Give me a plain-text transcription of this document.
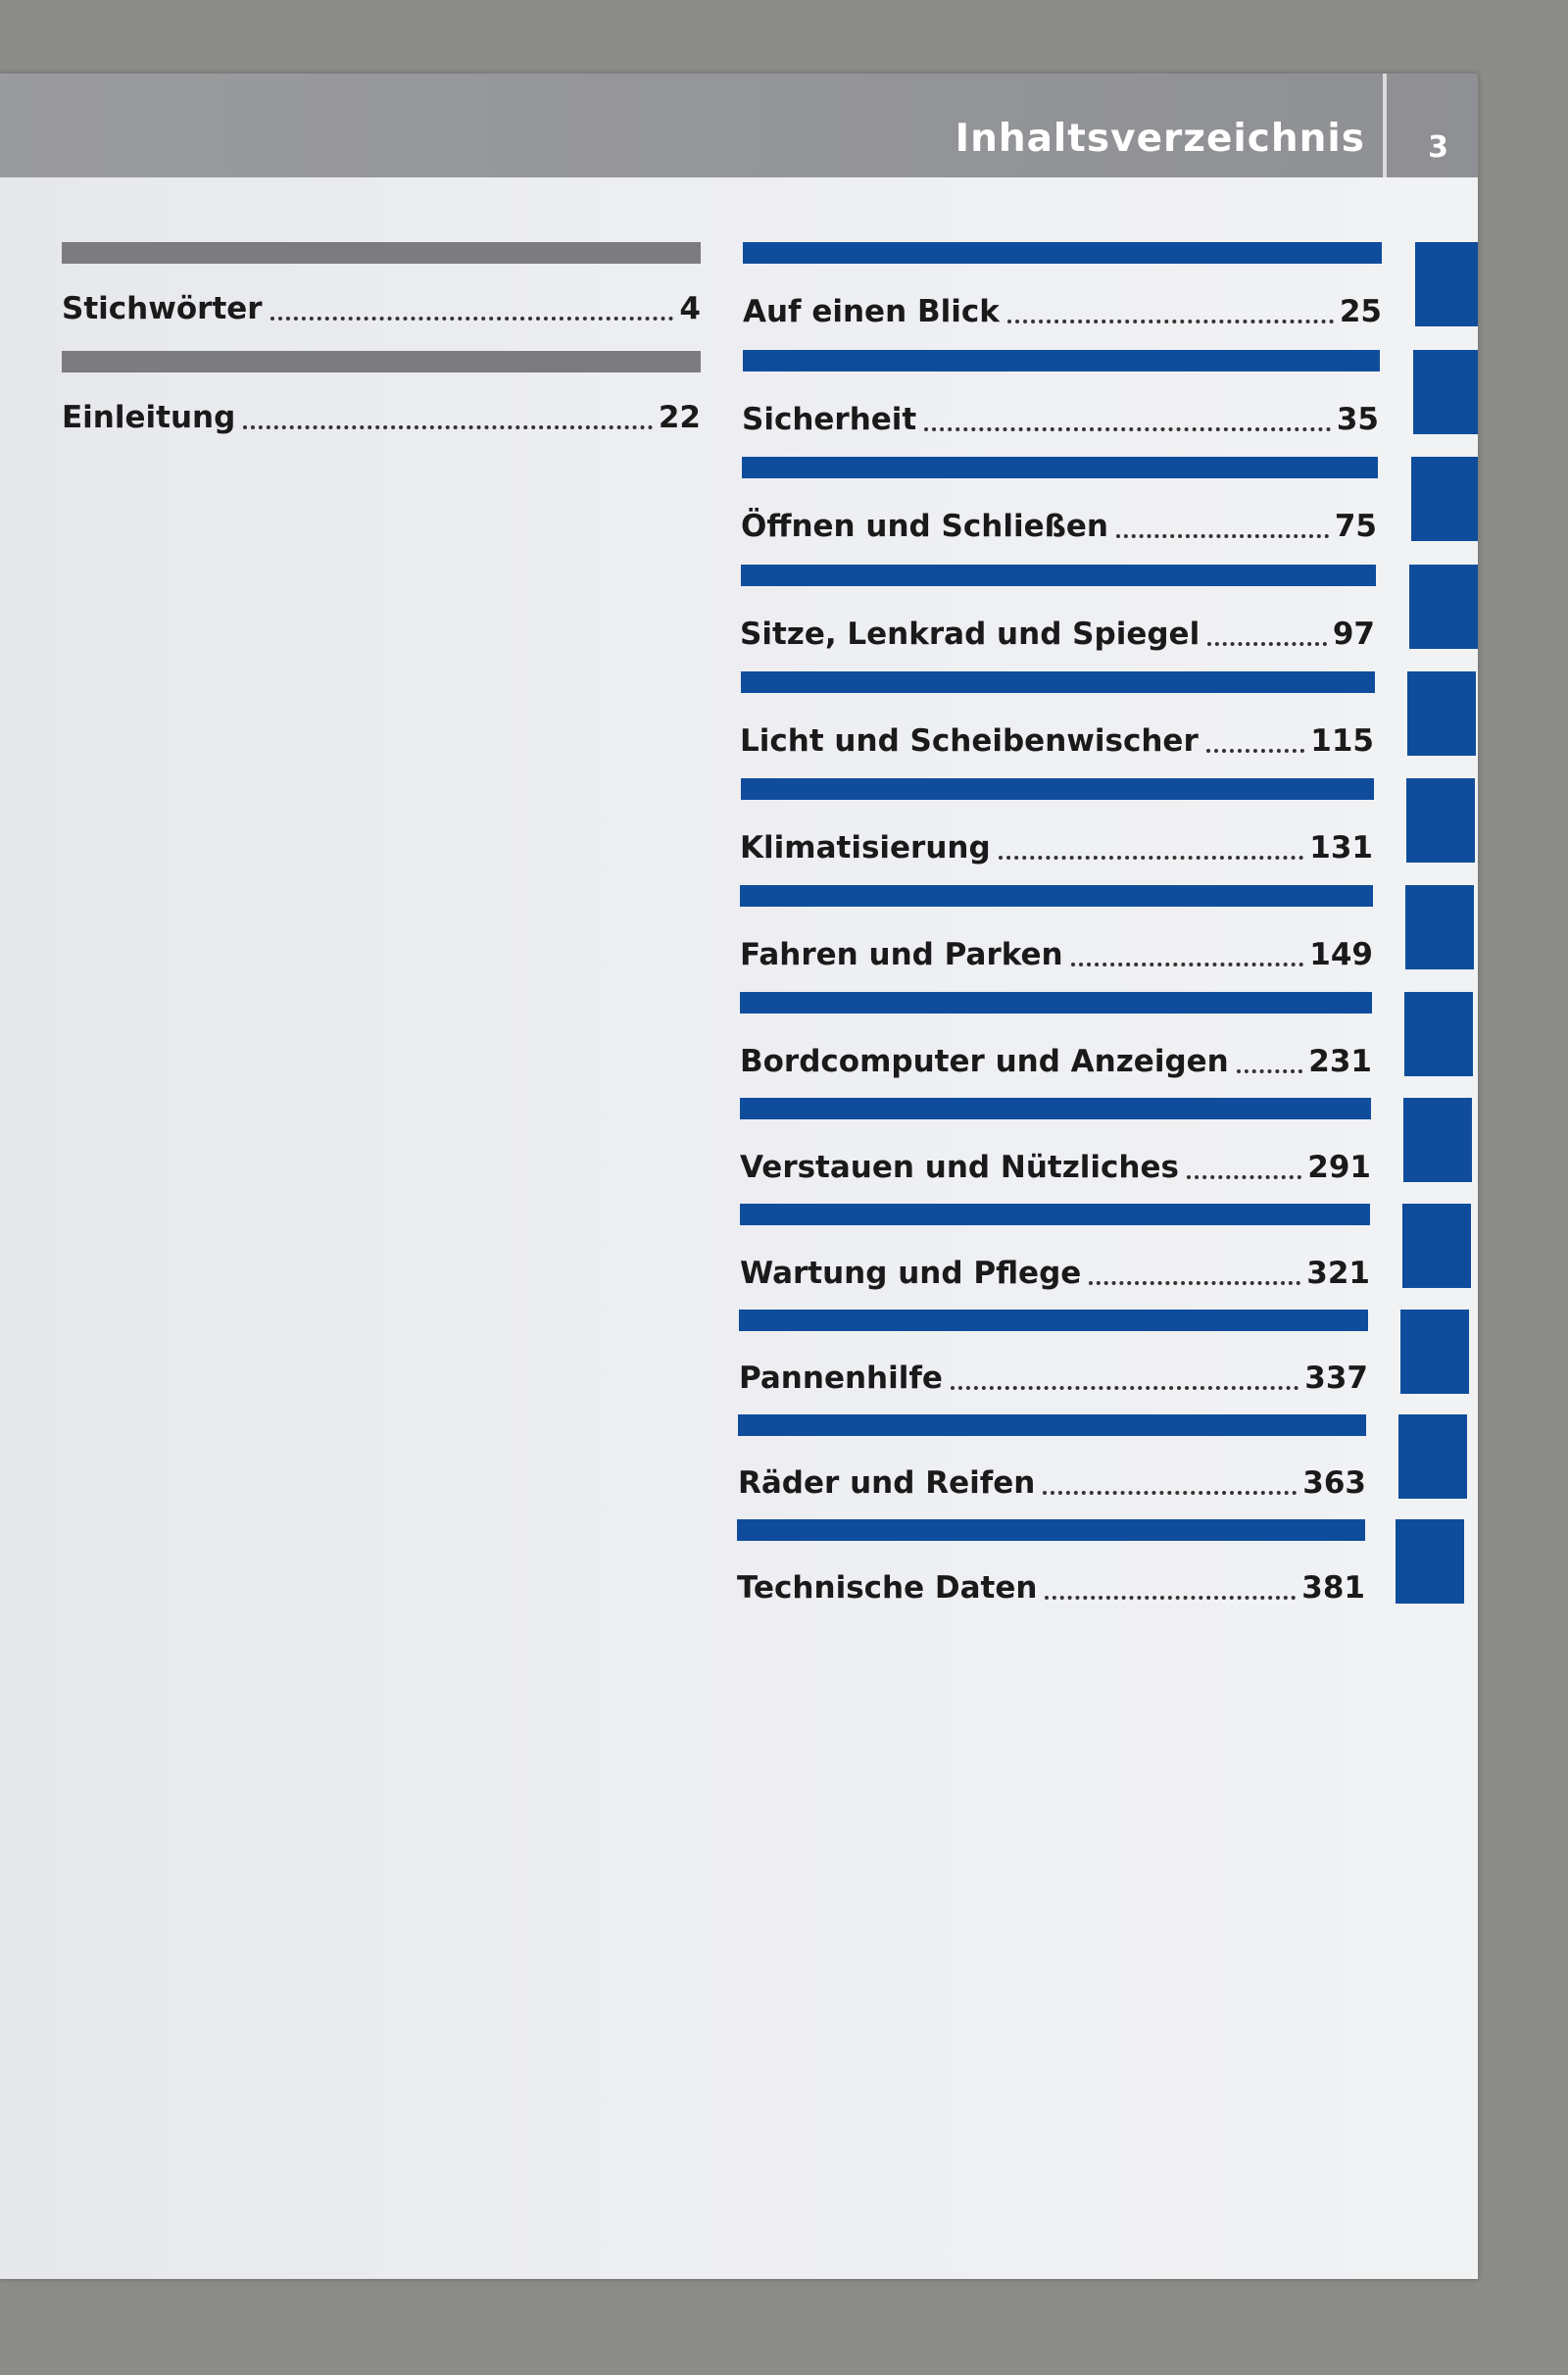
Inhaltsverzeichnis 3
Stichwörter	4
Einleitung	22
Auf einen Blick	25
Sicherheit	35
Öffnen und Schließen	75
Sitze, Lenkrad und Spiegel	97
Licht und Scheibenwischer	115
Klimatisierung	131
Fahren und Parken	149
Bordcomputer und Anzeigen	231
Verstauen und Nützliches	291
Wartung und Pflege	321
Pannenhilfe	337
Räder und Reifen	363
Technische Daten	381
